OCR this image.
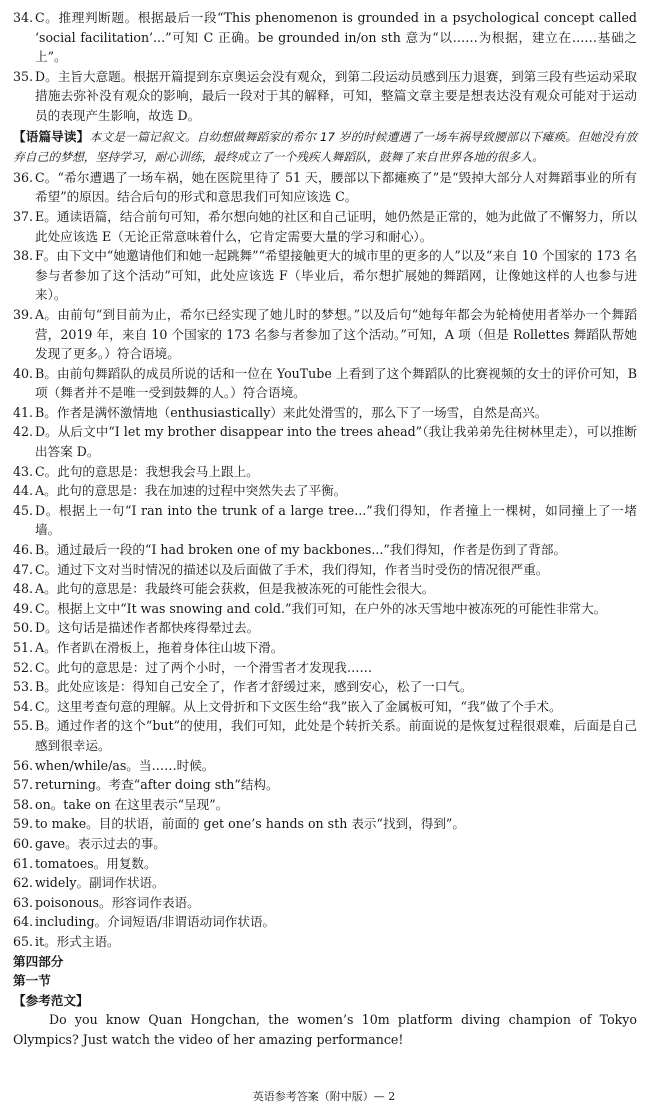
34. C。推理判断题。根据最后一段“This phenomenon is grounded in a psychological concept called ‘social facilitation’...”可知 C 正确。be grounded in/on sth 意为“以……为根据，建立在……基础之上”。

35. D。主旨大意题。根据开篇提到东京奥运会没有观众，到第二段运动员感到压力退赛，到第三段有些运动采取措施去弥补没有观众的影响，最后一段对于其的解释，可知，整篇文章主要是想表达没有观众可能对于运动员的表现产生影响，故选 D。

【语篇导读】本文是一篇记叙文。自幼想做舞蹈家的希尔 17 岁的时候遭遇了一场车祸导致腰部以下瘫痪。但她没有放弃自己的梦想，坚持学习，耐心训练，最终成立了一个残疾人舞蹈队，鼓舞了来自世界各地的很多人。

36. C。“希尔遭遇了一场车祸，她在医院里待了 51 天，腰部以下都瘫痪了”是“毁掉大部分人对舞蹈事业的所有希望”的原因。结合后句的形式和意思我们可知应该选 C。

37. E。通读语篇，结合前句可知，希尔想向她的社区和自己证明，她仍然是正常的，她为此做了不懈努力，所以此处应该选 E（无论正常意味着什么，它肯定需要大量的学习和耐心）。

38. F。由下文中“她邀请他们和她一起跳舞”“希望接触更大的城市里的更多的人”以及“来自 10 个国家的 173 名参与者参加了这个活动”可知，此处应该选 F（毕业后，希尔想扩展她的舞蹈网，让像她这样的人也参与进来）。

39. A。由前句“到目前为止，希尔已经实现了她儿时的梦想。”以及后句“她每年都会为轮椅使用者举办一个舞蹈营，2019 年，来自 10 个国家的 173 名参与者参加了这个活动。”可知，A 项（但是 Rollettes 舞蹈队帮她发现了更多。）符合语境。

40. B。由前句舞蹈队的成员所说的话和一位在 YouTube 上看到了这个舞蹈队的比赛视频的女士的评价可知，B 项（舞者并不是唯一受到鼓舞的人。）符合语境。

41. B。作者是满怀激情地（enthusiastically）来此处滑雪的，那么下了一场雪，自然是高兴。

42. D。从后文中“I let my brother disappear into the trees ahead”（我让我弟弟先往树林里走），可以推断出答案 D。

43. C。此句的意思是：我想我会马上跟上。

44. A。此句的意思是：我在加速的过程中突然失去了平衡。

45. D。根据上一句“I ran into the trunk of a large tree...”我们得知，作者撞上一棵树，如同撞上了一堵墙。

46. B。通过最后一段的“I had broken one of my backbones...”我们得知，作者是伤到了背部。

47. C。通过下文对当时情况的描述以及后面做了手术，我们得知，作者当时受伤的情况很严重。

48. A。此句的意思是：我最终可能会获救，但是我被冻死的可能性会很大。

49. C。根据上文中“It was snowing and cold.”我们可知，在户外的冰天雪地中被冻死的可能性非常大。

50. D。这句话是描述作者都快疼得晕过去。

51. A。作者趴在滑板上，拖着身体往山坡下滑。

52. C。此句的意思是：过了两个小时，一个滑雪者才发现我……

53. B。此处应该是：得知自己安全了，作者才舒缓过来，感到安心，松了一口气。

54. C。这里考查句意的理解。从上文骨折和下文医生给“我”嵌入了金属板可知，“我”做了个手术。

55. B。通过作者的这个“but”的使用，我们可知，此处是个转折关系。前面说的是恢复过程很艰难，后面是自己感到很幸运。

56. when/while/as。当……时候。

57. returning。考查“after doing sth”结构。

58. on。take on 在这里表示“呈现”。

59. to make。目的状语，前面的 get one’s hands on sth 表示“找到，得到”。

60. gave。表示过去的事。

61. tomatoes。用复数。

62. widely。副词作状语。

63. poisonous。形容词作表语。

64. including。介词短语/非谓语动词作状语。

65. it。形式主语。

第四部分

第一节

【参考范文】

Do you know Quan Hongchan, the women’s 10m platform diving champion of Tokyo Olympics? Just watch the video of her amazing performance!

英语参考答案（附中版）— 2
